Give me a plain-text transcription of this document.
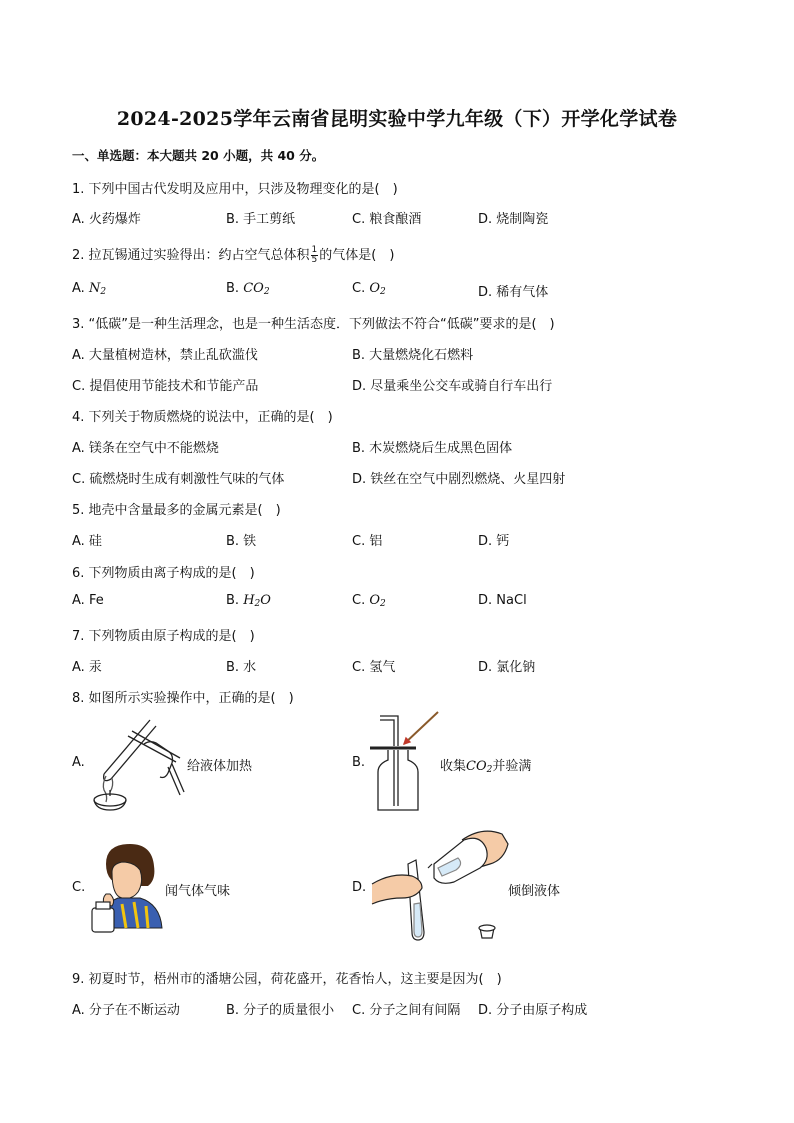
2024-2025学年云南省昆明实验中学九年级（下）开学化学试卷
一、单选题：本大题共 20 小题，共 40 分。
1. 下列中国古代发明及应用中，只涉及物理变化的是(　)
A. 火药爆炸	B. 手工剪纸	C. 粮食酿酒	D. 烧制陶瓷
2. 拉瓦锡通过实验得出：约占空气总体积 $\frac{1}{5}$ 的气体是(　)
A. $N_2$	B. $CO_2$	C. $O_2$	D. 稀有气体
3. “低碳”是一种生活理念，也是一种生活态度．下列做法不符合“低碳”要求的是(　)
A. 大量植树造林，禁止乱砍滥伐	B. 大量燃烧化石燃料
C. 提倡使用节能技术和节能产品	D. 尽量乘坐公交车或骑自行车出行
4. 下列关于物质燃烧的说法中，正确的是(　)
A. 镁条在空气中不能燃烧	B. 木炭燃烧后生成黑色固体
C. 硫燃烧时生成有刺激性气味的气体	D. 铁丝在空气中剧烈燃烧、火星四射
5. 地壳中含量最多的金属元素是(　)
A. 硅	B. 铁	C. 铝	D. 钙
6. 下列物质由离子构成的是(　)
A. Fe	B. $H_2O$	C. $O_2$	D. NaCl
7. 下列物质由原子构成的是(　)
A. 汞	B. 水	C. 氢气	D. 氯化钠
8. 如图所示实验操作中，正确的是(　)
A.	给液体加热	B.	收集$CO_2$并验满
C.	闻气体气味	D.	倾倒液体
9. 初夏时节，梧州市的潘塘公园，荷花盛开，花香怡人，这主要是因为(　)
A. 分子在不断运动	B. 分子的质量很小 C. 分子之间有间隔 D. 分子由原子构成
